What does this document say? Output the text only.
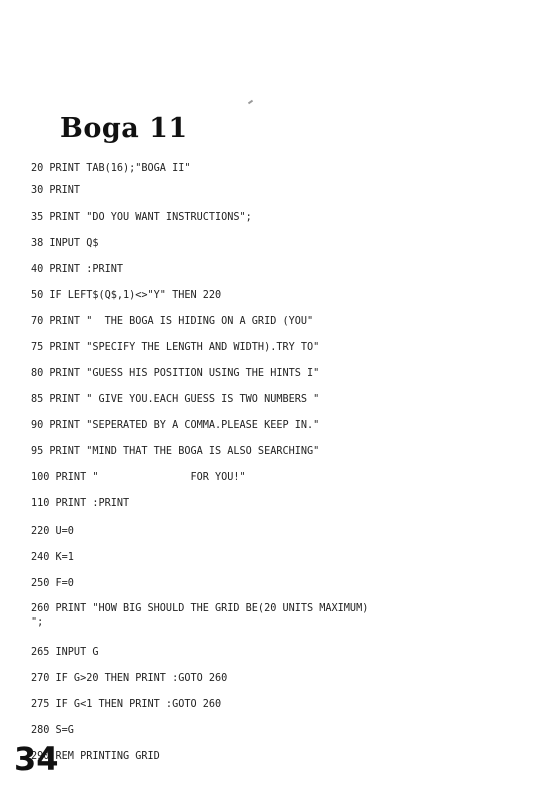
Boga 11
20 PRINT TAB(16);"BOGA II"
30 PRINT
35 PRINT "DO YOU WANT INSTRUCTIONS";
38 INPUT Q$
40 PRINT :PRINT
50 IF LEFT$(Q$,1)<>"Y" THEN 220
70 PRINT "  THE BOGA IS HIDING ON A GRID (YOU"
75 PRINT "SPECIFY THE LENGTH AND WIDTH).TRY TO"
80 PRINT "GUESS HIS POSITION USING THE HINTS I"
85 PRINT " GIVE YOU.EACH GUESS IS TWO NUMBERS "
90 PRINT "SEPERATED BY A COMMA.PLEASE KEEP IN."
95 PRINT "MIND THAT THE BOGA IS ALSO SEARCHING"
100 PRINT "               FOR YOU!"
110 PRINT :PRINT
220 U=0
240 K=1
250 F=0
260 PRINT "HOW BIG SHOULD THE GRID BE(20 UNITS MAXIMUM)
";
265 INPUT G
270 IF G>20 THEN PRINT :GOTO 260
275 IF G<1 THEN PRINT :GOTO 260
280 S=G
290 REM PRINTING GRID
34
